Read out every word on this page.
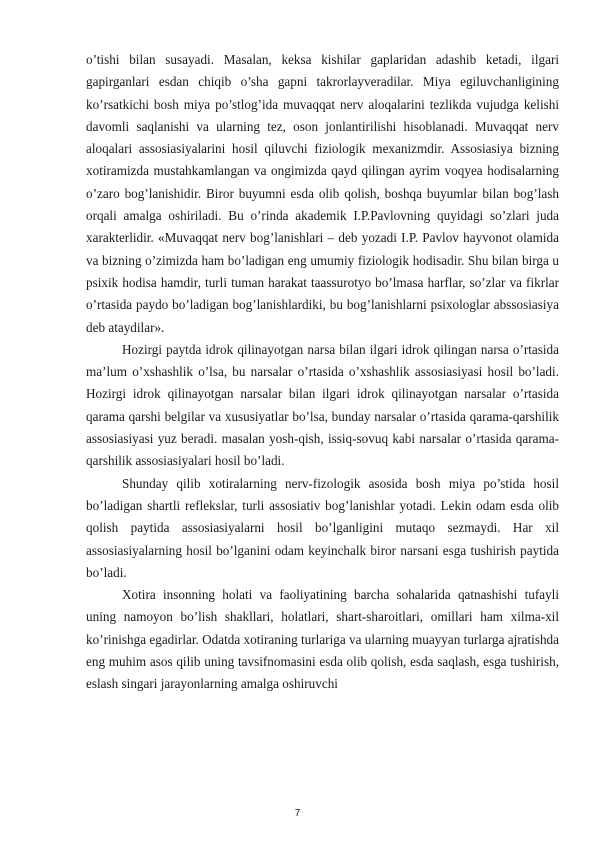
o’tishi bilan susayadi. Masalan, keksa kishilar gaplaridan adashib ketadi, ilgari gapirganlari esdan chiqib o’sha gapni takrorlayveradilar. Miya egiluvchanligining ko’rsatkichi bosh miya po’stlog’ida muvaqqat nerv aloqalarini tezlikda vujudga kelishi davomli saqlanishi va ularning tez, oson jonlantirilishi hisoblanadi. Muvaqqat nerv aloqalari assosiasiyalarini hosil qiluvchi fiziologik mexanizmdir. Assosiasiya bizning xotiramizda mustahkamlangan va ongimizda qayd qilingan ayrim voqyea hodisalarning o’zaro bog’lanishidir. Biror buyumni esda olib qolish, boshqa buyumlar bilan bog’lash orqali amalga oshiriladi. Bu o’rinda akademik I.P.Pavlovning quyidagi so’zlari juda xarakterlidir. «Muvaqqat nerv bog’lanishlari – deb yozadi I.P. Pavlov hayvonot olamida va bizning o’zimizda ham bo’ladigan eng umumiy fiziologik hodisadir. Shu bilan birga u psixik hodisa hamdir, turli tuman harakat taassurotyo bo’lmasa harflar, so’zlar va fikrlar o’rtasida paydo bo’ladigan bog’lanishlardiki, bu bog’lanishlarni psixologlar abssosiasiya deb ataydilar».

Hozirgi paytda idrok qilinayotgan narsa bilan ilgari idrok qilingan narsa o’rtasida ma’lum o’xshashlik o’lsa, bu narsalar o’rtasida o’xshashlik assosiasiyasi hosil bo’ladi. Hozirgi idrok qilinayotgan narsalar bilan ilgari idrok qilinayotgan narsalar o’rtasida qarama qarshi belgilar va xususiyatlar bo’lsa, bunday narsalar o’rtasida qarama-qarshilik assosiasiyasi yuz beradi. masalan yosh-qish, issiq-sovuq kabi narsalar o’rtasida qarama-qarshilik assosiasiyalari hosil bo’ladi.

Shunday qilib xotiralarning nerv-fizologik asosida bosh miya po’stida hosil bo’ladigan shartli reflekslar, turli assosiativ bog’lanishlar yotadi. Lekin odam esda olib qolish paytida assosiasiyalarni hosil bo’lganligini mutaqo sezmaydi. Har xil assosiasiyalarning hosil bo’lganini odam keyinchalk biror narsani esga tushirish paytida bo’ladi.

Xotira insonning holati va faoliyatining barcha sohalarida qatnashishi tufayli uning namoyon bo’lish shakllari, holatlari, shart-sharoitlari, omillari ham xilma-xil ko’rinishga egadirlar. Odatda xotiraning turlariga va ularning muayyan turlarga ajratishda eng muhim asos qilib uning tavsifnomasini esda olib qolish, esda saqlash, esga tushirish, eslash singari jarayonlarning amalga oshiruvchi

7
